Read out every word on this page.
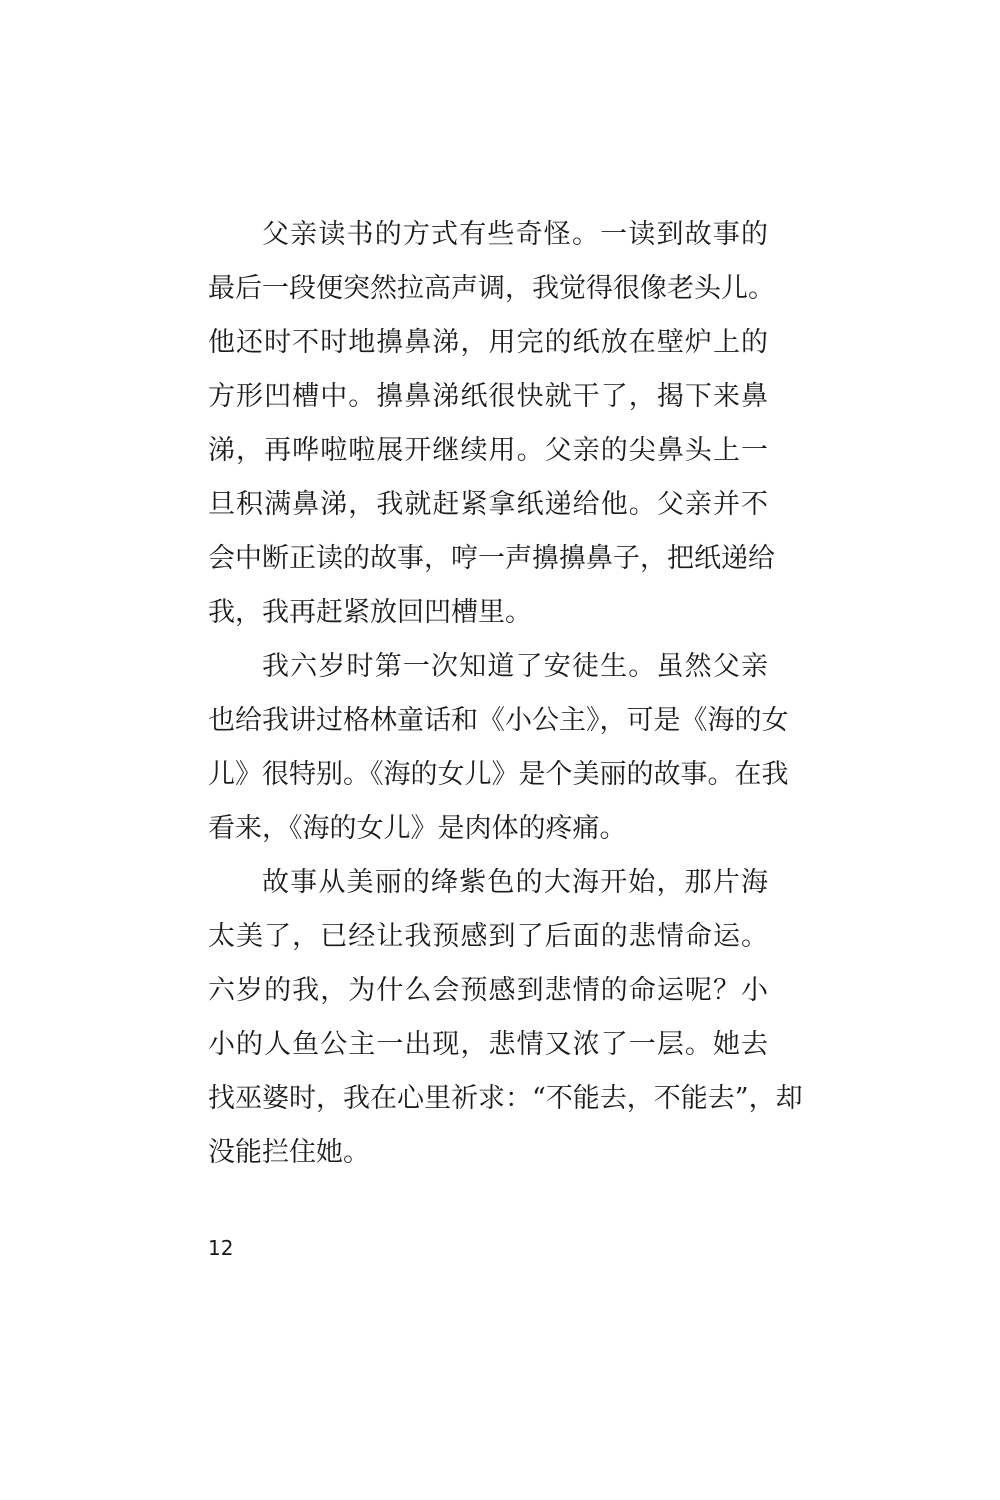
父亲读书的方式有些奇怪。一读到故事的
最后一段便突然拉高声调，我觉得很像老头儿。
他还时不时地擤鼻涕，用完的纸放在壁炉上的
方形凹槽中。擤鼻涕纸很快就干了，揭下来鼻
涕，再哗啦啦展开继续用。父亲的尖鼻头上一
旦积满鼻涕，我就赶紧拿纸递给他。父亲并不
会中断正读的故事，哼一声擤擤鼻子，把纸递给
我，我再赶紧放回凹槽里。
我六岁时第一次知道了安徒生。虽然父亲
也给我讲过格林童话和《小公主》，可是《海的女
儿》很特别。《海的女儿》是个美丽的故事。在我
看来，《海的女儿》是肉体的疼痛。
故事从美丽的绛紫色的大海开始，那片海
太美了，已经让我预感到了后面的悲情命运。
六岁的我，为什么会预感到悲情的命运呢？小
小的人鱼公主一出现，悲情又浓了一层。她去
找巫婆时，我在心里祈求：“不能去，不能去”，却
没能拦住她。
12
